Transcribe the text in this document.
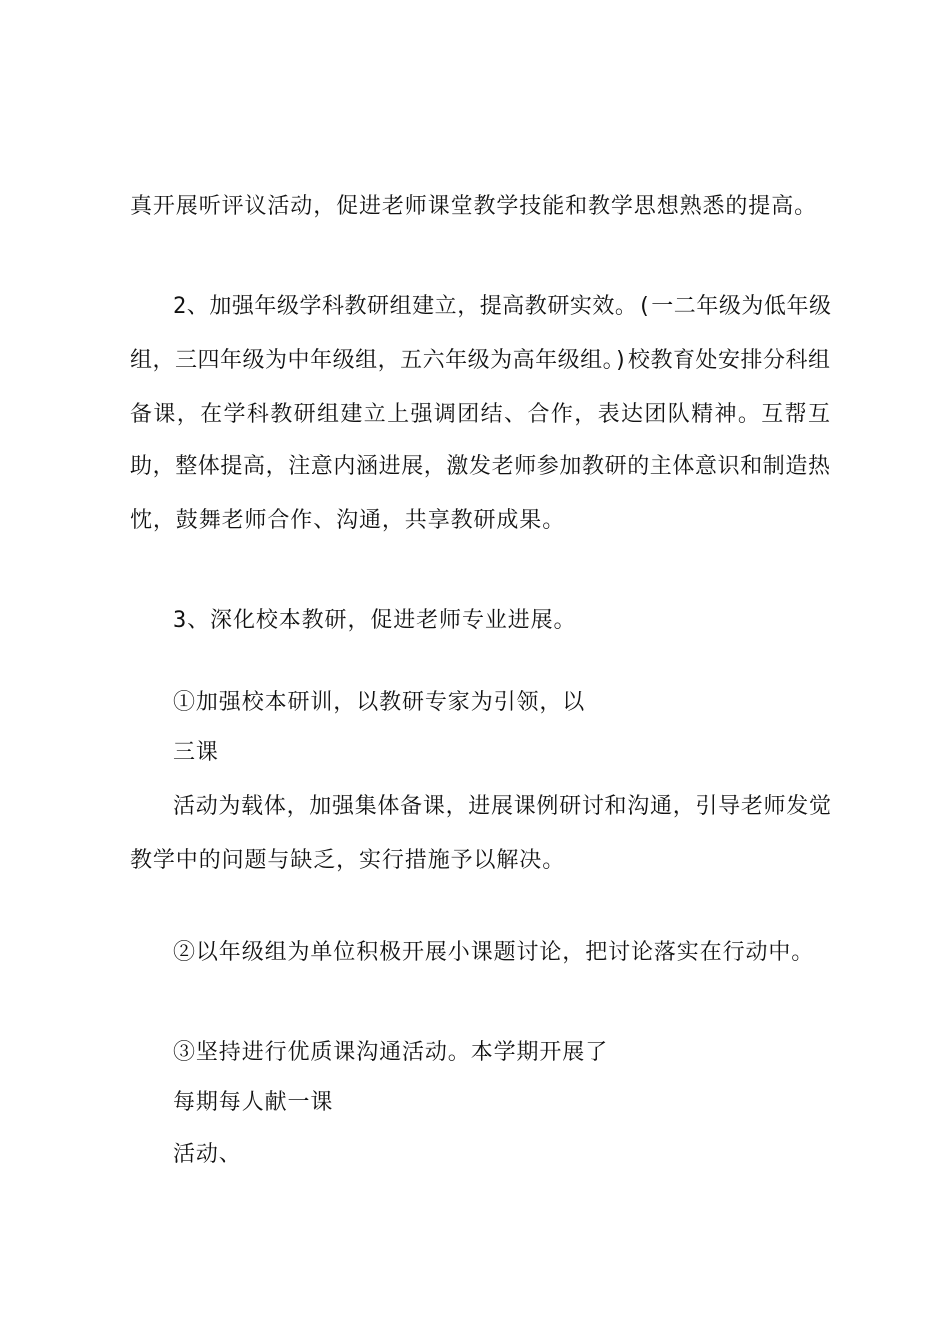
真开展听评议活动，促进老师课堂教学技能和教学思想熟悉的提高。
2、加强年级学科教研组建立，提高教研实效。(一二年级为低年级
组，三四年级为中年级组，五六年级为高年级组。)校教育处安排分科组
备课，在学科教研组建立上强调团结、合作，表达团队精神。互帮互
助，整体提高，注意内涵进展，激发老师参加教研的主体意识和制造热
忱，鼓舞老师合作、沟通，共享教研成果。
3、深化校本教研，促进老师专业进展。
①加强校本研训，以教研专家为引领，以
三课
活动为载体，加强集体备课，进展课例研讨和沟通，引导老师发觉
教学中的问题与缺乏，实行措施予以解决。
②以年级组为单位积极开展小课题讨论，把讨论落实在行动中。
③坚持进行优质课沟通活动。本学期开展了
每期每人献一课
活动、
